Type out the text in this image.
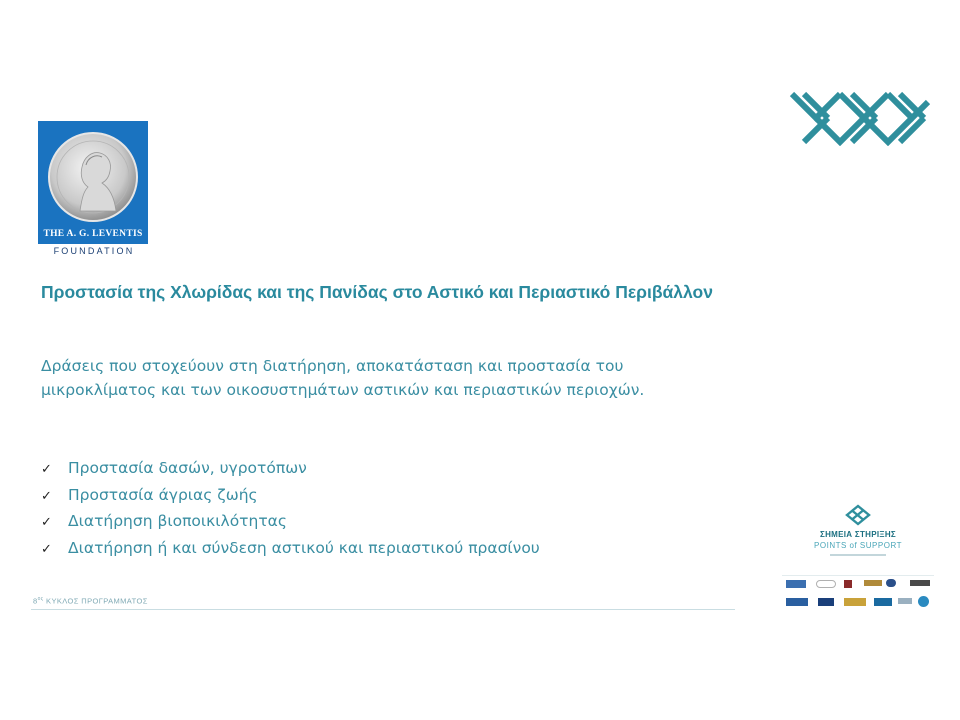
THE A. G. LEVENTIS
FOUNDATION

Προστασία της Χλωρίδας και της Πανίδας στο Αστικό και Περιαστικό Περιβάλλον

Δράσεις που στοχεύουν στη διατήρηση, αποκατάσταση και προστασία του μικροκλίματος και των οικοσυστημάτων αστικών και περιαστικών περιοχών.

✓	Προστασία δασών, υγροτόπων
✓	Προστασία άγριας ζωής
✓	Διατήρηση βιοποικιλότητας
✓	Διατήρηση ή και σύνδεση αστικού και περιαστικού πρασίνου
ΣΗΜΕΙΑ ΣΤΗΡΙΞΗΣ
POINTS of SUPPORT
$8^{o\varsigma}$ ΚΥΚΛΟΣ ΠΡΟΓΡΑΜΜΑΤΟΣ
